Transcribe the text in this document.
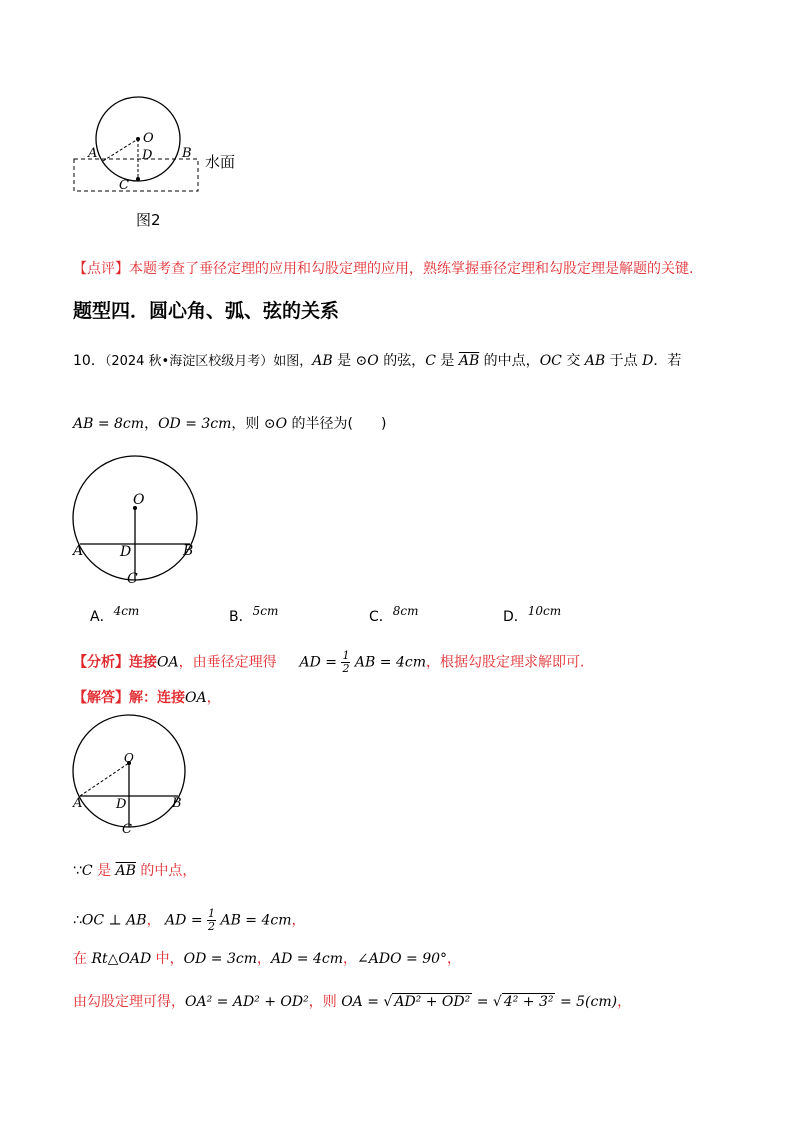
O
A	D B
C
水面
图2
【点评】本题考查了垂径定理的应用和勾股定理的应用，熟练掌握垂径定理和勾股定理是解题的关键.
题型四．圆心角、弧、弦的关系
10．（2024 秋•海淀区校级月考）如图，AB 是 ⊙O 的弦，C 是 $\overline{AB}$ 的中点，OC 交 AB 于点 D．若
AB = 8cm，OD = 3cm，则 ⊙O 的半径为(　　)
O
A	D	B
C
A．4cm	B．5cm	C．8cm	D．10cm
【分析】连接OA，由垂径定理得 AD = $\frac{1}{2}$ AB = 4cm，根据勾股定理求解即可.
【解答】解：连接OA，
O
A	D	B
C
∵C 是 $\overline{AB}$ 的中点，
∴OC ⊥ AB， AD = $\frac{1}{2}$ AB = 4cm，
在 Rt△OAD 中，OD = 3cm，AD = 4cm，∠ADO = 90°，
由勾股定理可得，OA² = AD² + OD²，则 OA = √ AD² + OD² = √ 4² + 3² = 5(cm)，
